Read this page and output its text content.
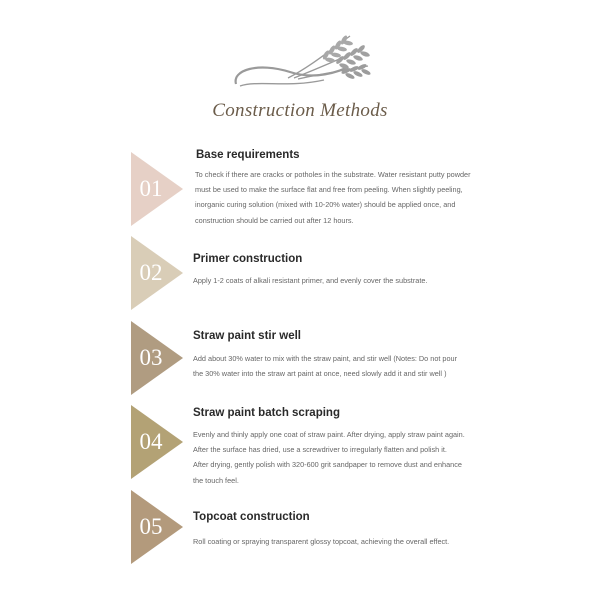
Construction Methods
01
Base requirements
To check if there are cracks or potholes in the substrate. Water resistant putty powder
must be used to make the surface flat and free from peeling. When slightly peeling,
inorganic curing solution (mixed with 10-20% water) should be applied once, and
construction should be carried out after 12 hours.
02
Primer construction
Apply 1-2 coats of alkali resistant primer, and evenly cover the substrate.
03
Straw paint stir well
Add about 30% water to mix with the straw paint, and stir well (Notes: Do not pour
the 30% water into the straw art paint at once, need slowly add it and stir well )
04
Straw paint batch scraping
Evenly and thinly apply one coat of straw paint. After drying, apply straw paint again.
After the surface has dried, use a screwdriver to irregularly flatten and polish it.
After drying, gently polish with 320-600 grit sandpaper to remove dust and enhance
the touch feel.
05	Topcoat construction
Roll coating or spraying transparent glossy topcoat, achieving the overall effect.
